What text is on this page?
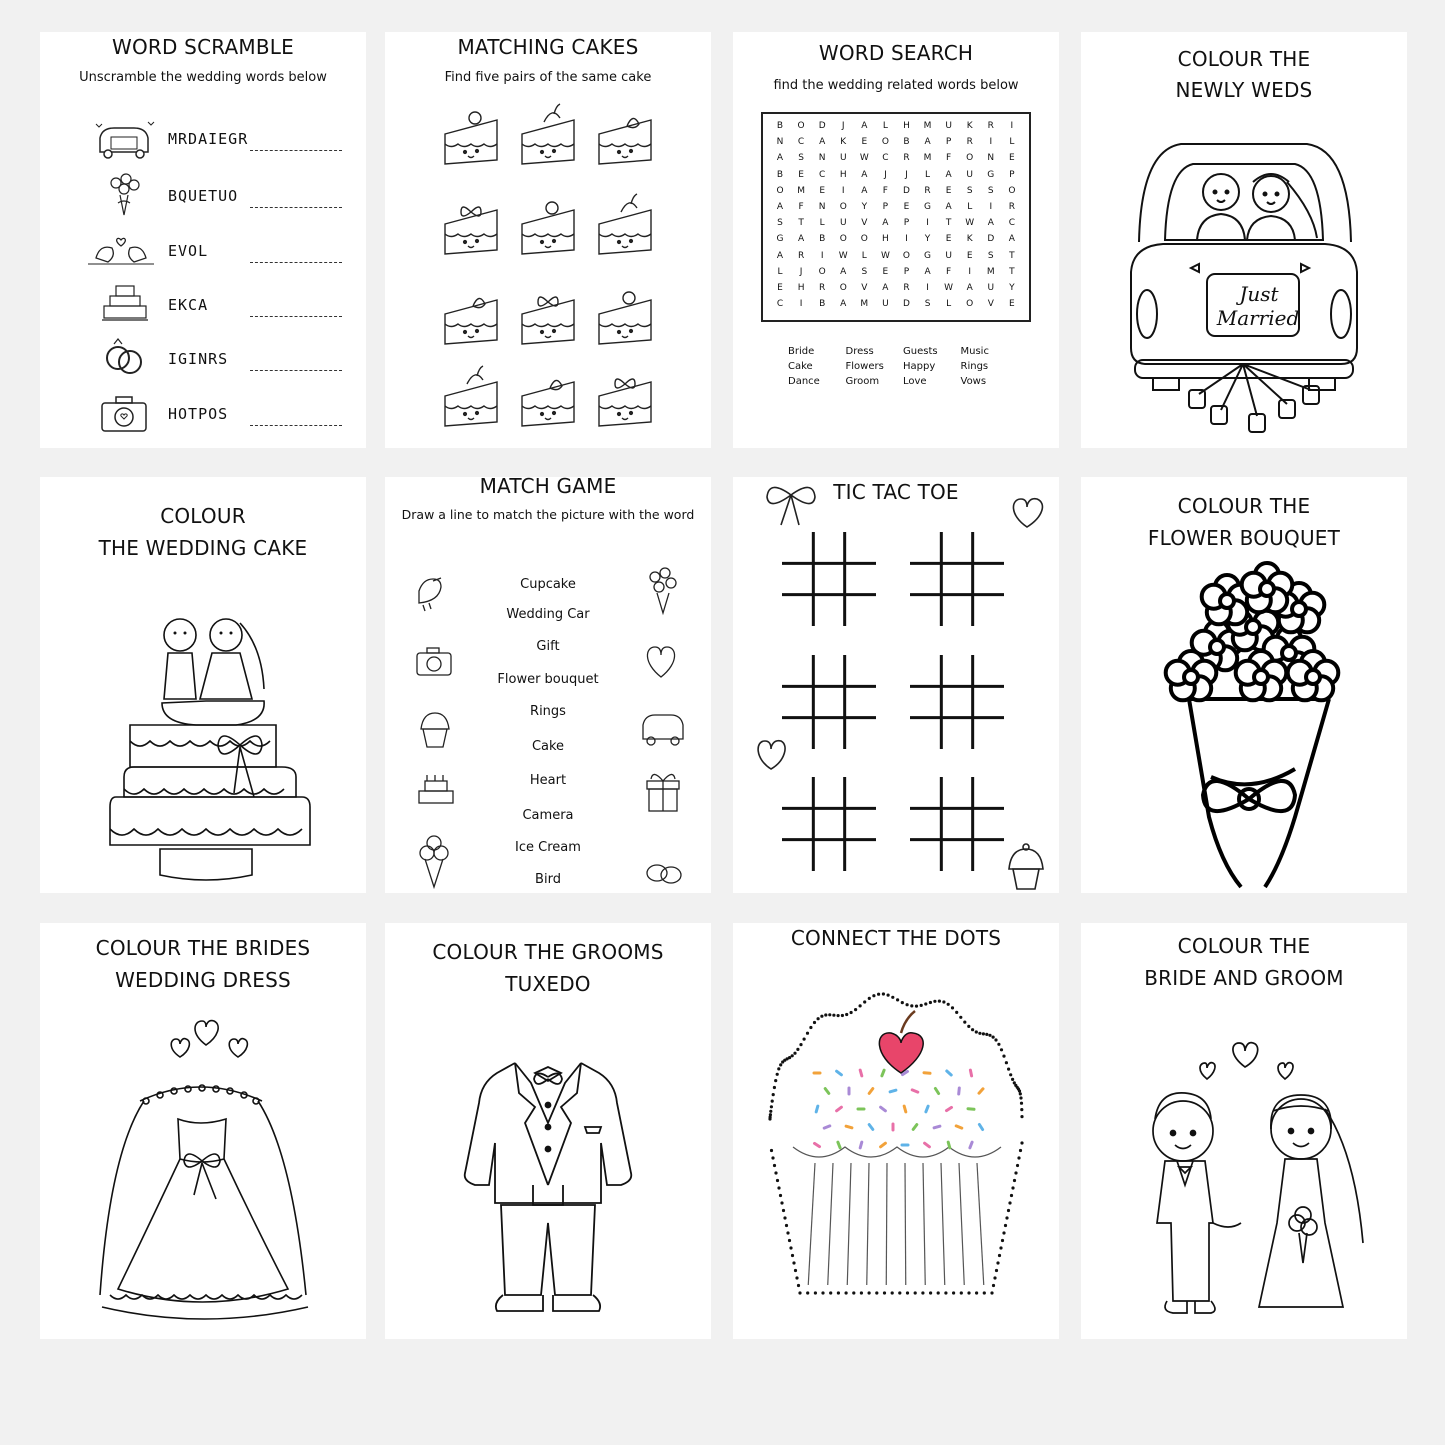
WORD SCRAMBLE
Unscramble the wedding words below
MRDAIEGR
BQUETUO
EVOL
EKCA
IGINRS
HOTPOS
MATCHING CAKES
Find five pairs of the same cake
WORD SEARCH
find the wedding related words below
B	O	D	J	A	L	H	M	U	K	R	I
N	C	A	K	E	O	B	A	P	R	I	L
A	S	N	U	W	C	R	M	F	O	N	E
B	E	C	H	A	J	J	L	A	U	G	P
O	M	E	I	A	F	D	R	E	S	S	O
A	F	N	O	Y	P	E	G	A	L	I	R
S	T	L	U	V	A	P	I	T	W	A	C
G	A	B	O	O	H	I	Y	E	K	D	A
A	R	I	W	L	W	O	G	U	E	S	T
L	J	O	A	S	E	P	A	F	I	M	T
E	H	R	O	V	A	R	I	W	A	U	Y
C	I	B	A	M	U	D	S	L	O	V	E
Bride	Dress	Guests	Music
Cake	Flowers	Happy	Rings
Dance	Groom	Love	Vows
COLOUR THE
NEWLY WEDS
Just
Married
COLOUR
THE WEDDING CAKE
MATCH GAME
Draw a line to match the picture with the word
Cupcake
Wedding Car
Gift
Flower bouquet
Rings
Cake
Heart
Camera
Ice Cream
Bird
TIC TAC TOE
COLOUR THE
FLOWER BOUQUET
COLOUR THE BRIDES
WEDDING DRESS
COLOUR THE GROOMS
TUXEDO
CONNECT THE DOTS	COLOUR THE
BRIDE AND GROOM
